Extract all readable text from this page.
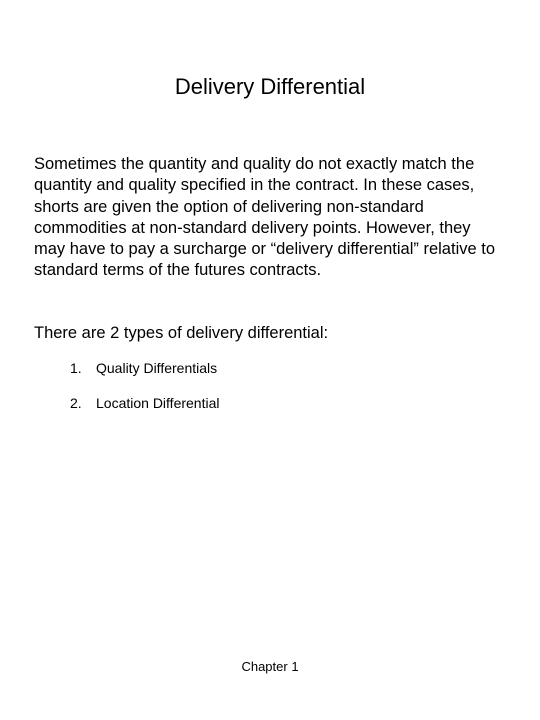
Delivery Differential
Sometimes the quantity and quality do not exactly match the quantity and quality specified in the contract. In these cases, shorts are given the option of delivering non-standard commodities at non-standard delivery points. However, they may have to pay a surcharge or “delivery differential” relative to standard terms of the futures contracts.
There are 2 types of delivery differential:
1.	Quality Differentials
2.	Location Differential
Chapter 1
